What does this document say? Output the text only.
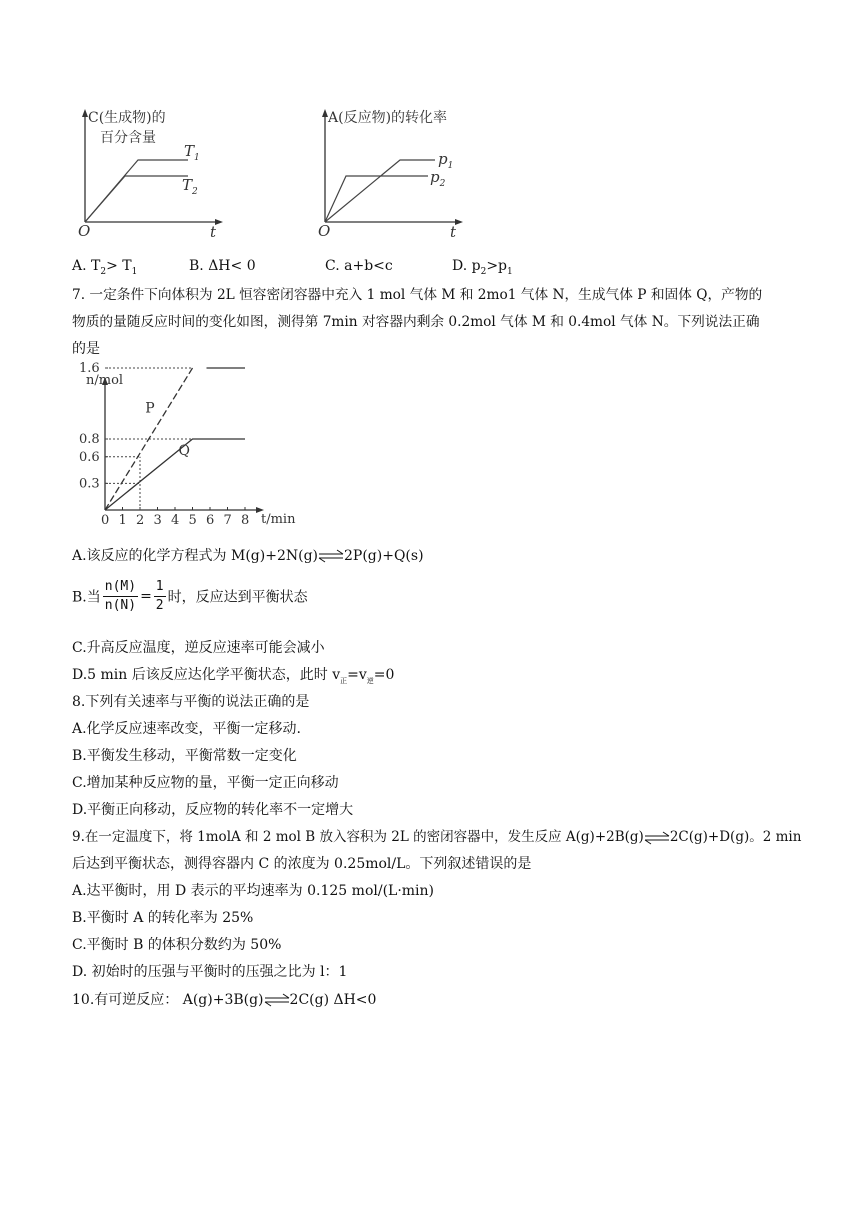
C(生成物)的
百分含量
O	t
$T_1$
$T_2$
A(反应物)的转化率
O	t
$p_1$
$p_2$
A. $T_2> T_1$	B. ΔH< 0	C. a+b<c	D. $p_2>p_1$
7. 一定条件下向体积为 2L 恒容密闭容器中充入 1 mol 气体 M 和 2mo1 气体 N，生成气体 P 和固体 Q，产物的
物质的量随反应时间的变化如图，测得第 7min 对容器内剩余 0.2mol 气体 M 和 0.4mol 气体 N。下列说法正确
的是
n/mol
t/min
0 1 2 3 4 5 6 7 8
0.3
0.6
0.8
1.6
P
Q
A.该反应的化学方程式为 M(g)+2N(g)⇌2P(g)+Q(s)
B.当 $\frac{n(M)}{n(N)} = \frac{1}{2}$ 时，反应达到平衡状态
C.升高反应温度，逆反应速率可能会减小
D.5 min 后该反应达化学平衡状态，此时 $v_正=v_逆=0$
8.下列有关速率与平衡的说法正确的是
A.化学反应速率改变，平衡一定移动.
B.平衡发生移动，平衡常数一定变化
C.增加某种反应物的量，平衡一定正向移动
D.平衡正向移动，反应物的转化率不一定增大
9.在一定温度下，将 1molA 和 2 mol B 放入容积为 2L 的密闭容器中，发生反应 A(g)+2B(g)⇌2C(g)+D(g)。2 min
后达到平衡状态，测得容器内 C 的浓度为 0.25mol/L。下列叙述错误的是
A.达平衡时，用 D 表示的平均速率为 0.125 mol/(L·min)
B.平衡时 A 的转化率为 25%
C.平衡时 B 的体积分数约为 50%
D. 初始时的压强与平衡时的压强之比为 l：1
10.有可逆反应： A(g)+3B(g)⇌2C(g) ΔH<0
